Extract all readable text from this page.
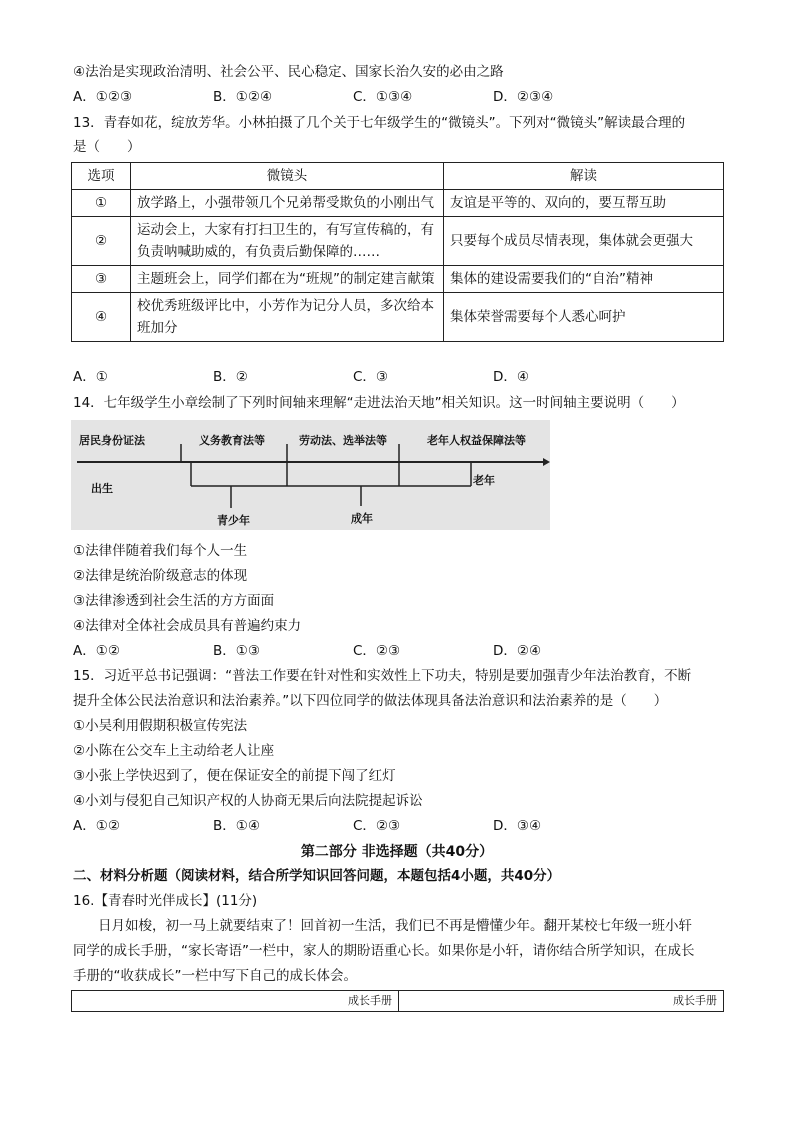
④法治是实现政治清明、社会公平、民心稳定、国家长治久安的必由之路
A．①②③	B．①②④	C．①③④	D．②③④
13．青春如花，绽放芳华。小林拍摄了几个关于七年级学生的“微镜头”。下列对“微镜头”解读最合理的
是（　　）
选项	微镜头	解读
①	放学路上，小强带领几个兄弟帮受欺负的小刚出气	友谊是平等的、双向的，要互帮互助
②	运动会上，大家有打扫卫生的，有写宣传稿的，有负责呐喊助威的，有负责后勤保障的……	只要每个成员尽情表现，集体就会更强大
③	主题班会上，同学们都在为“班规”的制定建言献策	集体的建设需要我们的“自治”精神
④	校优秀班级评比中，小芳作为记分人员，多次给本班加分	集体荣誉需要每个人悉心呵护
A．①	B．②	C．③	D．④
14．七年级学生小章绘制了下列时间轴来理解“走进法治天地”相关知识。这一时间轴主要说明（　　）
居民身份证法	义务教育法等	劳动法、选举法等	老年人权益保障法等
出生
青少年	成年
老年
①法律伴随着我们每个人一生
②法律是统治阶级意志的体现
③法律渗透到社会生活的方方面面
④法律对全体社会成员具有普遍约束力
A．①②	B．①③	C．②③	D．②④
15．习近平总书记强调：“普法工作要在针对性和实效性上下功夫，特别是要加强青少年法治教育，不断
提升全体公民法治意识和法治素养。”以下四位同学的做法体现具备法治意识和法治素养的是（　　）
①小吴利用假期积极宣传宪法
②小陈在公交车上主动给老人让座
③小张上学快迟到了，便在保证安全的前提下闯了红灯
④小刘与侵犯自己知识产权的人协商无果后向法院提起诉讼
A．①②	B．①④	C．②③	D．③④
第二部分 非选择题（共40分）
二、材料分析题（阅读材料，结合所学知识回答问题，本题包括4小题，共40分）
16.【青春时光伴成长】(11分)
日月如梭，初一马上就要结束了！回首初一生活，我们已不再是懵懂少年。翻开某校七年级一班小轩
同学的成长手册，“家长寄语”一栏中，家人的期盼语重心长。如果你是小轩，请你结合所学知识，在成长
手册的“收获成长”一栏中写下自己的成长体会。
成长手册	成长手册
